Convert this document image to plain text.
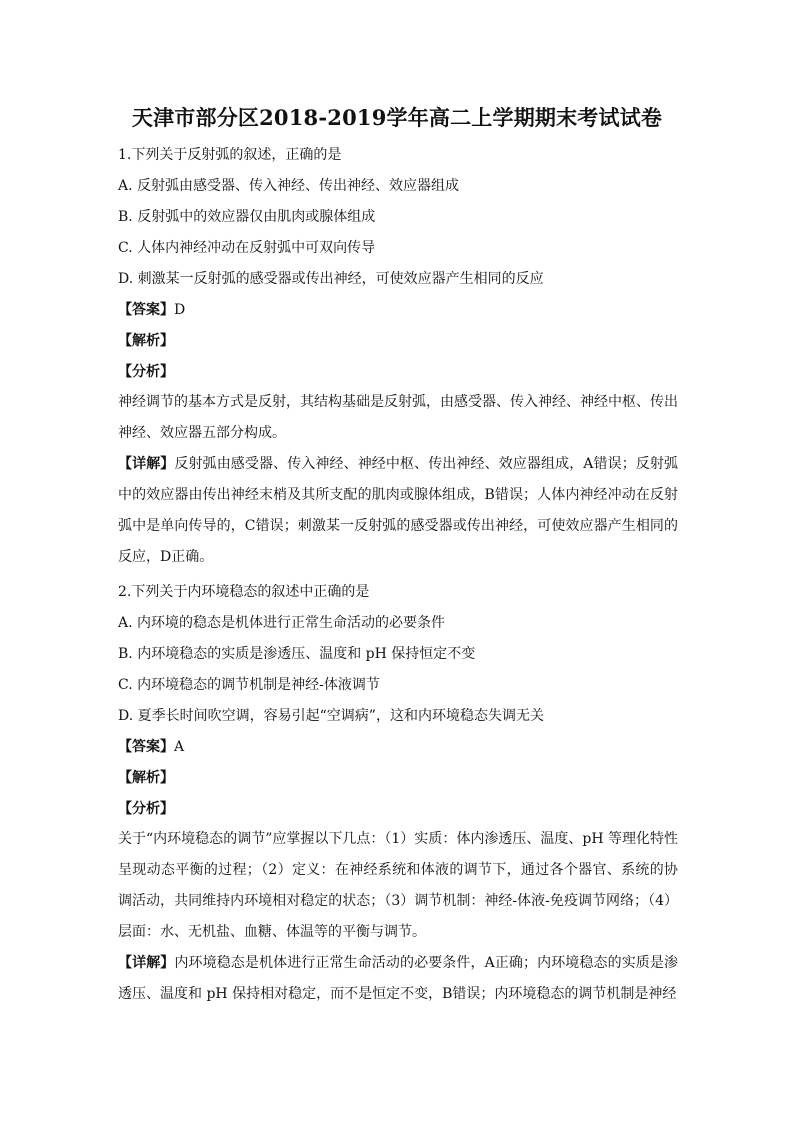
天津市部分区2018-2019学年高二上学期期末考试试卷
1.下列关于反射弧的叙述，正确的是
A. 反射弧由感受器、传入神经、传出神经、效应器组成
B. 反射弧中的效应器仅由肌肉或腺体组成
C. 人体内神经冲动在反射弧中可双向传导
D. 刺激某一反射弧的感受器或传出神经，可使效应器产生相同的反应
【答案】D
【解析】
【分析】
神经调节的基本方式是反射，其结构基础是反射弧，由感受器、传入神经、神经中枢、传出神经、效应器五部分构成。
【详解】反射弧由感受器、传入神经、神经中枢、传出神经、效应器组成，A错误；反射弧中的效应器由传出神经末梢及其所支配的肌肉或腺体组成，B错误；人体内神经冲动在反射弧中是单向传导的，C错误；刺激某一反射弧的感受器或传出神经，可使效应器产生相同的反应，D正确。
2.下列关于内环境稳态的叙述中正确的是
A. 内环境的稳态是机体进行正常生命活动的必要条件
B. 内环境稳态的实质是渗透压、温度和 pH 保持恒定不变
C. 内环境稳态的调节机制是神经-体液调节
D. 夏季长时间吹空调，容易引起“空调病”，这和内环境稳态失调无关
【答案】A
【解析】
【分析】
关于“内环境稳态的调节”应掌握以下几点：（1）实质：体内渗透压、温度、pH 等理化特性呈现动态平衡的过程；（2）定义：在神经系统和体液的调节下，通过各个器官、系统的协调活动，共同维持内环境相对稳定的状态；（3）调节机制：神经-体液-免疫调节网络；（4）层面：水、无机盐、血糖、体温等的平衡与调节。
【详解】内环境稳态是机体进行正常生命活动的必要条件，A正确；内环境稳态的实质是渗透压、温度和 pH 保持相对稳定，而不是恒定不变，B错误；内环境稳态的调节机制是神经
